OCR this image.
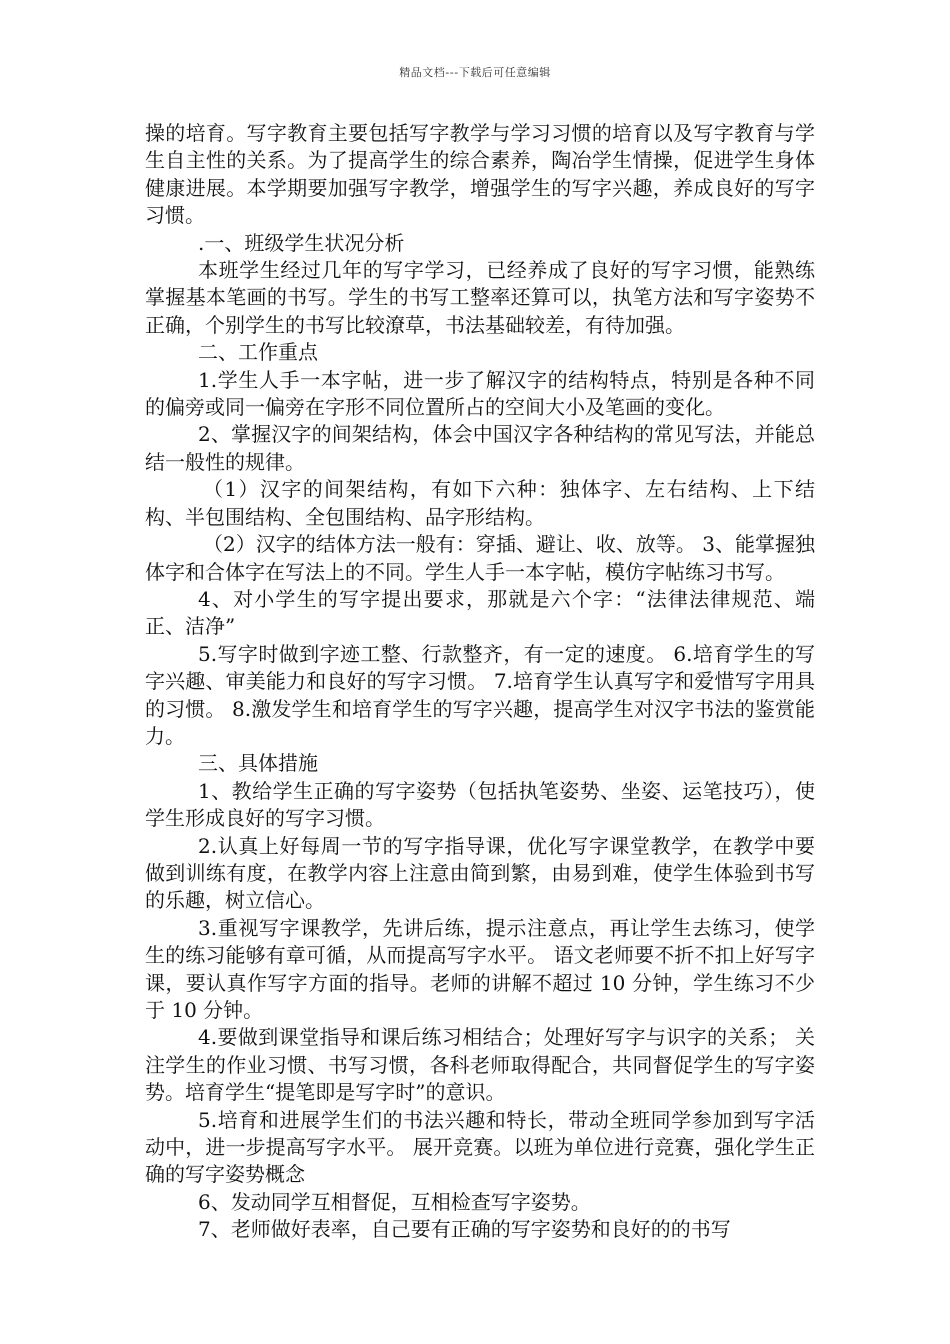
精品文档---下载后可任意编辑

操的培育。写字教育主要包括写字教学与学习习惯的培育以及写字教育与学生自主性的关系。为了提高学生的综合素养，陶冶学生情操，促进学生身体健康进展。本学期要加强写字教学，增强学生的写字兴趣，养成良好的写字习惯。

.一、班级学生状况分析

本班学生经过几年的写字学习，已经养成了良好的写字习惯，能熟练掌握基本笔画的书写。学生的书写工整率还算可以，执笔方法和写字姿势不正确，个别学生的书写比较潦草，书法基础较差，有待加强。

二、工作重点

1.学生人手一本字帖，进一步了解汉字的结构特点，特别是各种不同的偏旁或同一偏旁在字形不同位置所占的空间大小及笔画的变化。

2、掌握汉字的间架结构，体会中国汉字各种结构的常见写法，并能总结一般性的规律。

（1）汉字的间架结构，有如下六种：独体字、左右结构、上下结构、半包围结构、全包围结构、品字形结构。

（2）汉字的结体方法一般有：穿插、避让、收、放等。 3、能掌握独体字和合体字在写法上的不同。学生人手一本字帖，模仿字帖练习书写。

4、对小学生的写字提出要求，那就是六个字：“法律法律规范、端正、洁净”

5.写字时做到字迹工整、行款整齐，有一定的速度。 6.培育学生的写字兴趣、审美能力和良好的写字习惯。 7.培育学生认真写字和爱惜写字用具的习惯。 8.激发学生和培育学生的写字兴趣，提高学生对汉字书法的鉴赏能力。

三、具体措施

1、教给学生正确的写字姿势（包括执笔姿势、坐姿、运笔技巧），使学生形成良好的写字习惯。

2.认真上好每周一节的写字指导课，优化写字课堂教学，在教学中要做到训练有度，在教学内容上注意由简到繁，由易到难，使学生体验到书写的乐趣，树立信心。

3.重视写字课教学，先讲后练，提示注意点，再让学生去练习，使学生的练习能够有章可循，从而提高写字水平。 语文老师要不折不扣上好写字课，要认真作写字方面的指导。老师的讲解不超过 10 分钟，学生练习不少于 10 分钟。

4.要做到课堂指导和课后练习相结合；处理好写字与识字的关系； 关注学生的作业习惯、书写习惯，各科老师取得配合，共同督促学生的写字姿势。培育学生“提笔即是写字时”的意识。

5.培育和进展学生们的书法兴趣和特长，带动全班同学参加到写字活动中，进一步提高写字水平。 展开竞赛。以班为单位进行竞赛，强化学生正确的写字姿势概念

6、发动同学互相督促，互相检查写字姿势。

7、老师做好表率，自己要有正确的写字姿势和良好的的书写
